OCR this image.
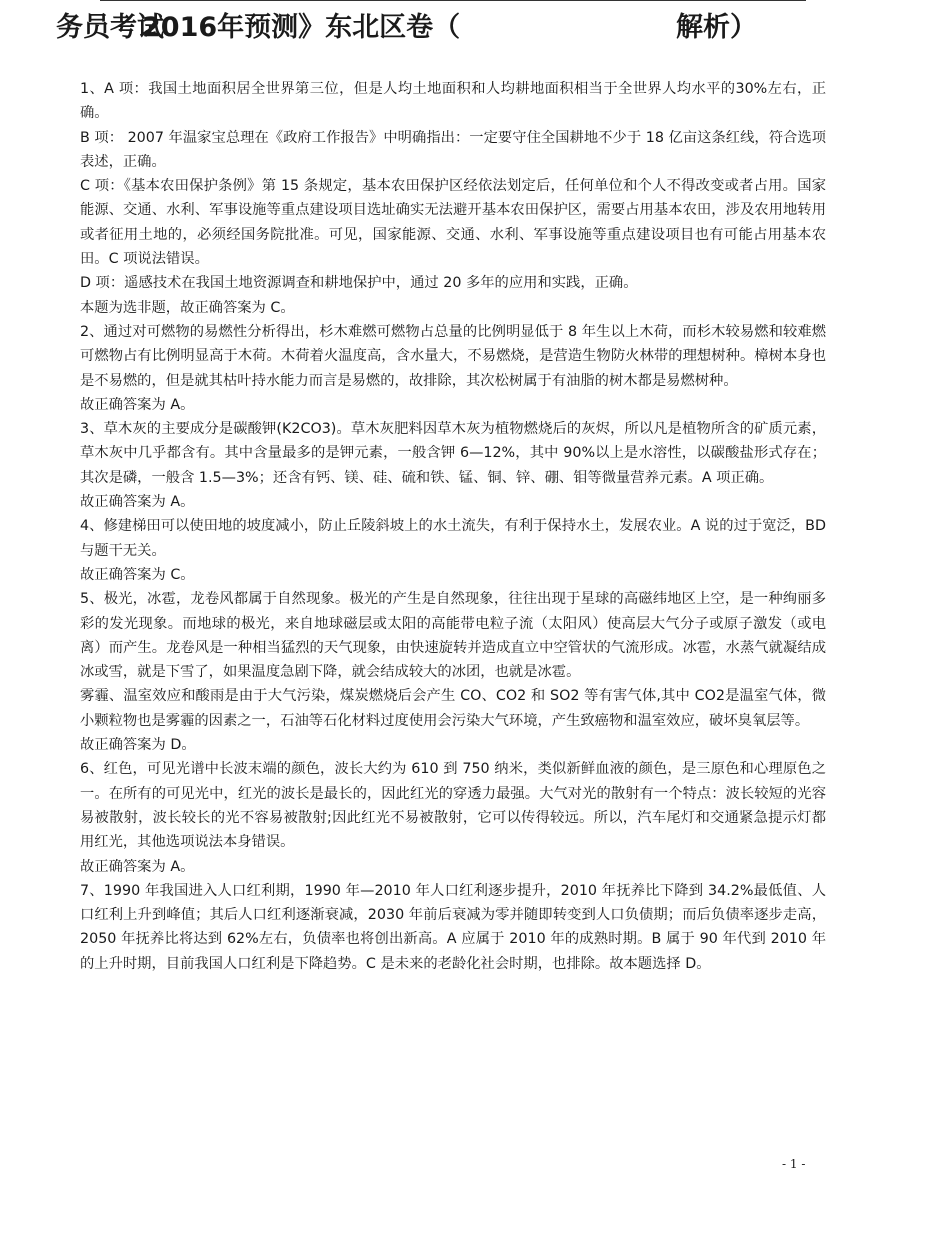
务员考试
2016年预测》东北区卷（	解析）

1、A 项：我国土地面积居全世界第三位，但是人均土地面积和人均耕地面积相当于全世界人均水平的30%左右，正确。

B 项： 2007 年温家宝总理在《政府工作报告》中明确指出：一定要守住全国耕地不少于 18 亿亩这条红线，符合选项表述，正确。

C 项：《基本农田保护条例》第 15 条规定，基本农田保护区经依法划定后，任何单位和个人不得改变或者占用。国家能源、交通、水利、军事设施等重点建设项目选址确实无法避开基本农田保护区，需要占用基本农田，涉及农用地转用或者征用土地的，必须经国务院批准。可见，国家能源、交通、水利、军事设施等重点建设项目也有可能占用基本农田。C 项说法错误。

D 项：遥感技术在我国土地资源调查和耕地保护中，通过 20 多年的应用和实践，正确。

本题为选非题，故正确答案为 C。

2、通过对可燃物的易燃性分析得出，杉木难燃可燃物占总量的比例明显低于 8 年生以上木荷，而杉木较易燃和较难燃可燃物占有比例明显高于木荷。木荷着火温度高，含水量大，不易燃烧，是营造生物防火林带的理想树种。樟树本身也是不易燃的，但是就其枯叶持水能力而言是易燃的，故排除，其次松树属于有油脂的树木都是易燃树种。

故正确答案为 A。

3、草木灰的主要成分是碳酸钾(K2CO3)。草木灰肥料因草木灰为植物燃烧后的灰烬，所以凡是植物所含的矿质元素，草木灰中几乎都含有。其中含量最多的是钾元素，一般含钾 6—12%，其中 90%以上是水溶性，以碳酸盐形式存在；其次是磷，一般含 1.5—3%；还含有钙、镁、硅、硫和铁、锰、铜、锌、硼、钼等微量营养元素。A 项正确。

故正确答案为 A。

4、修建梯田可以使田地的坡度减小，防止丘陵斜坡上的水土流失，有利于保持水土，发展农业。A 说的过于宽泛，BD 与题干无关。

故正确答案为 C。

5、极光，冰雹，龙卷风都属于自然现象。极光的产生是自然现象，往往出现于星球的高磁纬地区上空，是一种绚丽多彩的发光现象。而地球的极光，来自地球磁层或太阳的高能带电粒子流（太阳风）使高层大气分子或原子激发（或电离）而产生。龙卷风是一种相当猛烈的天气现象，由快速旋转并造成直立中空管状的气流形成。冰雹，水蒸气就凝结成冰或雪，就是下雪了，如果温度急剧下降，就会结成较大的冰团，也就是冰雹。

雾霾、温室效应和酸雨是由于大气污染，煤炭燃烧后会产生 CO、CO2 和 SO2 等有害气体,其中 CO2是温室气体，微小颗粒物也是雾霾的因素之一，石油等石化材料过度使用会污染大气环境，产生致癌物和温室效应，破坏臭氧层等。

故正确答案为 D。

6、红色，可见光谱中长波末端的颜色，波长大约为 610 到 750 纳米，类似新鲜血液的颜色，是三原色和心理原色之一。在所有的可见光中，红光的波长是最长的，因此红光的穿透力最强。大气对光的散射有一个特点：波长较短的光容易被散射，波长较长的光不容易被散射;因此红光不易被散射，它可以传得较远。所以，汽车尾灯和交通紧急提示灯都用红光，其他选项说法本身错误。

故正确答案为 A。

7、1990 年我国进入人口红利期，1990 年—2010 年人口红利逐步提升，2010 年抚养比下降到 34.2%最低值、人口红利上升到峰值；其后人口红利逐渐衰减，2030 年前后衰减为零并随即转变到人口负债期；而后负债率逐步走高，2050 年抚养比将达到 62%左右，负债率也将创出新高。A 应属于 2010 年的成熟时期。B 属于 90 年代到 2010 年的上升时期，目前我国人口红利是下降趋势。C 是未来的老龄化社会时期，也排除。故本题选择 D。

- 1 -
